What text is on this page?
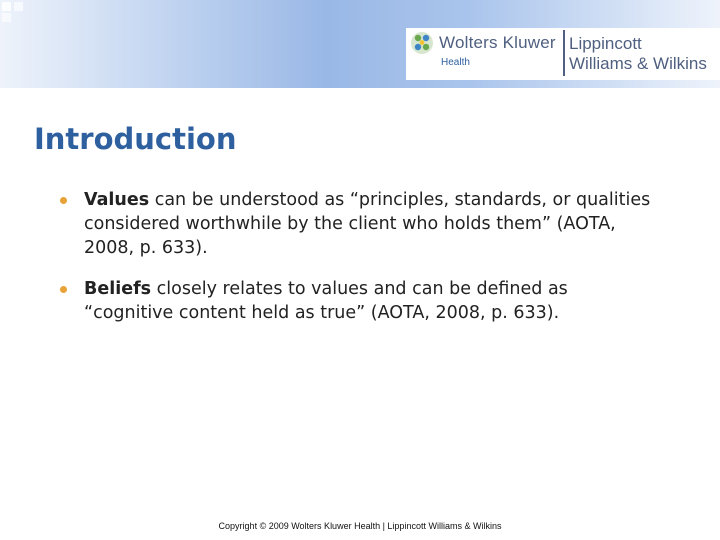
Wolters Kluwer
Health
Lippincott
Williams & Wilkins
Introduction
Values can be understood as “principles, standards, or qualities considered worthwhile by the client who holds them” (AOTA, 2008, p. 633).
Beliefs closely relates to values and can be defined as “cognitive content held as true” (AOTA, 2008, p. 633).
Copyright © 2009 Wolters Kluwer Health | Lippincott Williams & Wilkins
